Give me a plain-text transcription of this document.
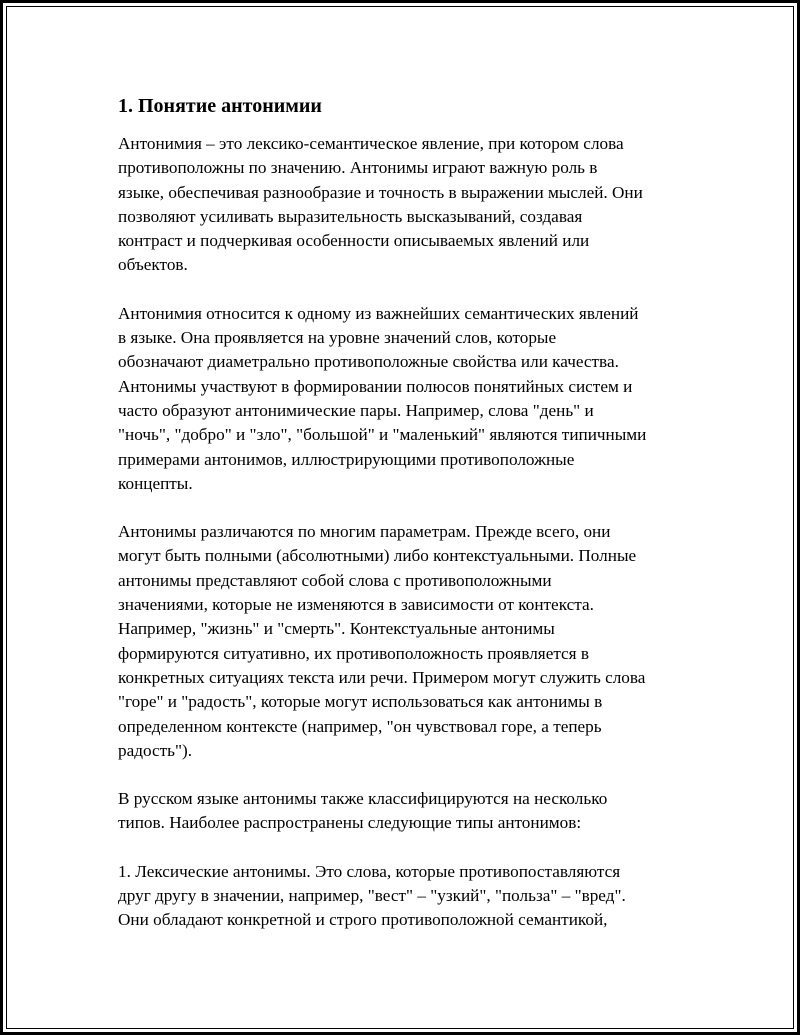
1. Понятие антонимии

Антонимия – это лексико-семантическое явление, при котором слова
противоположны по значению. Антонимы играют важную роль в
языке, обеспечивая разнообразие и точность в выражении мыслей. Они
позволяют усиливать выразительность высказываний, создавая
контраст и подчеркивая особенности описываемых явлений или
объектов.

Антонимия относится к одному из важнейших семантических явлений
в языке. Она проявляется на уровне значений слов, которые
обозначают диаметрально противоположные свойства или качества.
Антонимы участвуют в формировании полюсов понятийных систем и
часто образуют антонимические пары. Например, слова "день" и
"ночь", "добро" и "зло", "большой" и "маленький" являются типичными
примерами антонимов, иллюстрирующими противоположные
концепты.

Антонимы различаются по многим параметрам. Прежде всего, они
могут быть полными (абсолютными) либо контекстуальными. Полные
антонимы представляют собой слова с противоположными
значениями, которые не изменяются в зависимости от контекста.
Например, "жизнь" и "смерть". Контекстуальные антонимы
формируются ситуативно, их противоположность проявляется в
конкретных ситуациях текста или речи. Примером могут служить слова
"горе" и "радость", которые могут использоваться как антонимы в
определенном контексте (например, "он чувствовал горе, а теперь
радость").

В русском языке антонимы также классифицируются на несколько
типов. Наиболее распространены следующие типы антонимов:

1. Лексические антонимы. Это слова, которые противопоставляются
друг другу в значении, например, "вест" – "узкий", "польза" – "вред".
Они обладают конкретной и строго противоположной семантикой,
